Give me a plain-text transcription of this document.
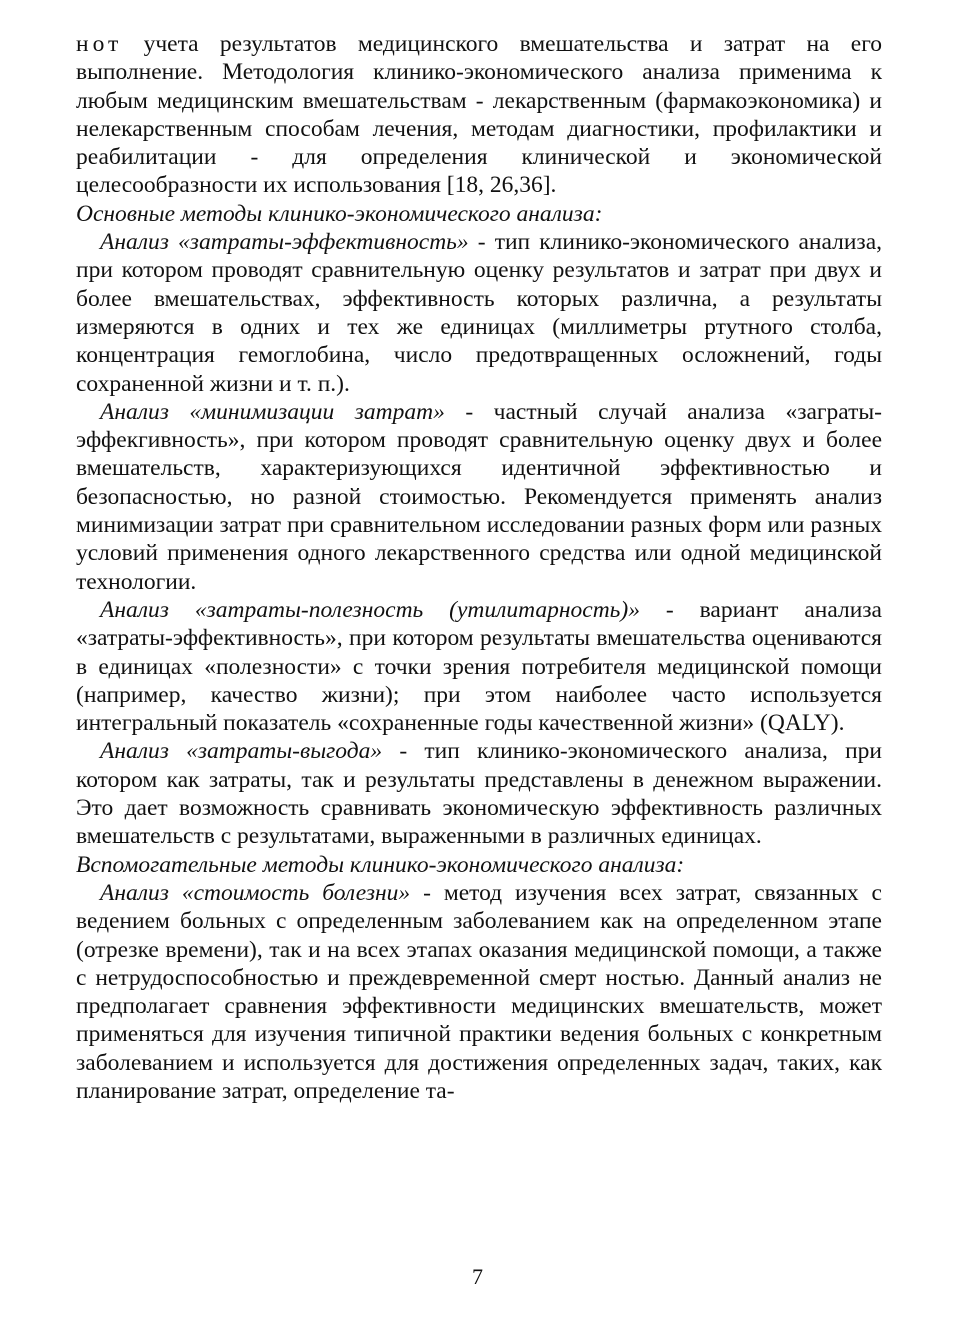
нот учета результатов медицинского вмешательства и затрат на его выполнение. Методология клинико-экономического анализа применима к любым медицинским вмешательствам - лекарственным (фармакоэкономика) и нелекарственным способам лечения, методам диагностики, профилактики и реабилитации - для определения клинической и экономической целесообразности их использования [18, 26,36].

Основные методы клинико-экономического анализа:

Анализ «затраты-эффективность» - тип клинико-экономического анализа, при котором проводят сравнительную оценку результатов и затрат при двух и более вмешательствах, эффективность которых различна, а результаты измеряются в одних и тех же единицах (миллиметры ртутного столба, концентрация гемоглобина, число предотвращенных осложнений, годы сохраненной жизни и т. п.).

Анализ «минимизации затрат» - частный случай анализа «заграты-эффекгивность», при котором проводят сравнительную оценку двух и более вмешательств, характеризующихся идентичной эффективностью и безопасностью, но разной стоимостью. Рекомендуется применять анализ минимизации затрат при сравнительном исследовании разных форм или разных условий применения одного лекарственного средства или одной медицинской технологии.

Анализ «затраты-полезность (утилитарность)» - вариант анализа «затраты-эффективность», при котором результаты вмешательства оцениваются в единицах «полезности» с точки зрения потребителя медицинской помощи (например, качество жизни); при этом наиболее часто используется интегральный показатель «сохраненные годы качественной жизни» (QALY).

Анализ «затраты-выгода» - тип клинико-экономического анализа, при котором как затраты, так и результаты представлены в денежном выражении. Это дает возможность сравнивать экономическую эффективность различных вмешательств с результатами, выраженными в различных единицах.

Вспомогательные методы клинико-экономического анализа:

Анализ «стоимость болезни» - метод изучения всех затрат, связанных с ведением больных с определенным заболеванием как на определенном этапе (отрезке времени), так и на всех этапах оказания медицинской помощи, а также с нетрудоспособностью и преждевременной смерт ностью. Данный анализ не предполагает сравнения эффективности медицинских вмешательств, может применяться для изучения типичной практики ведения больных с конкретным заболеванием и используется для достижения определенных задач, таких, как планирование затрат, определение та-

7
